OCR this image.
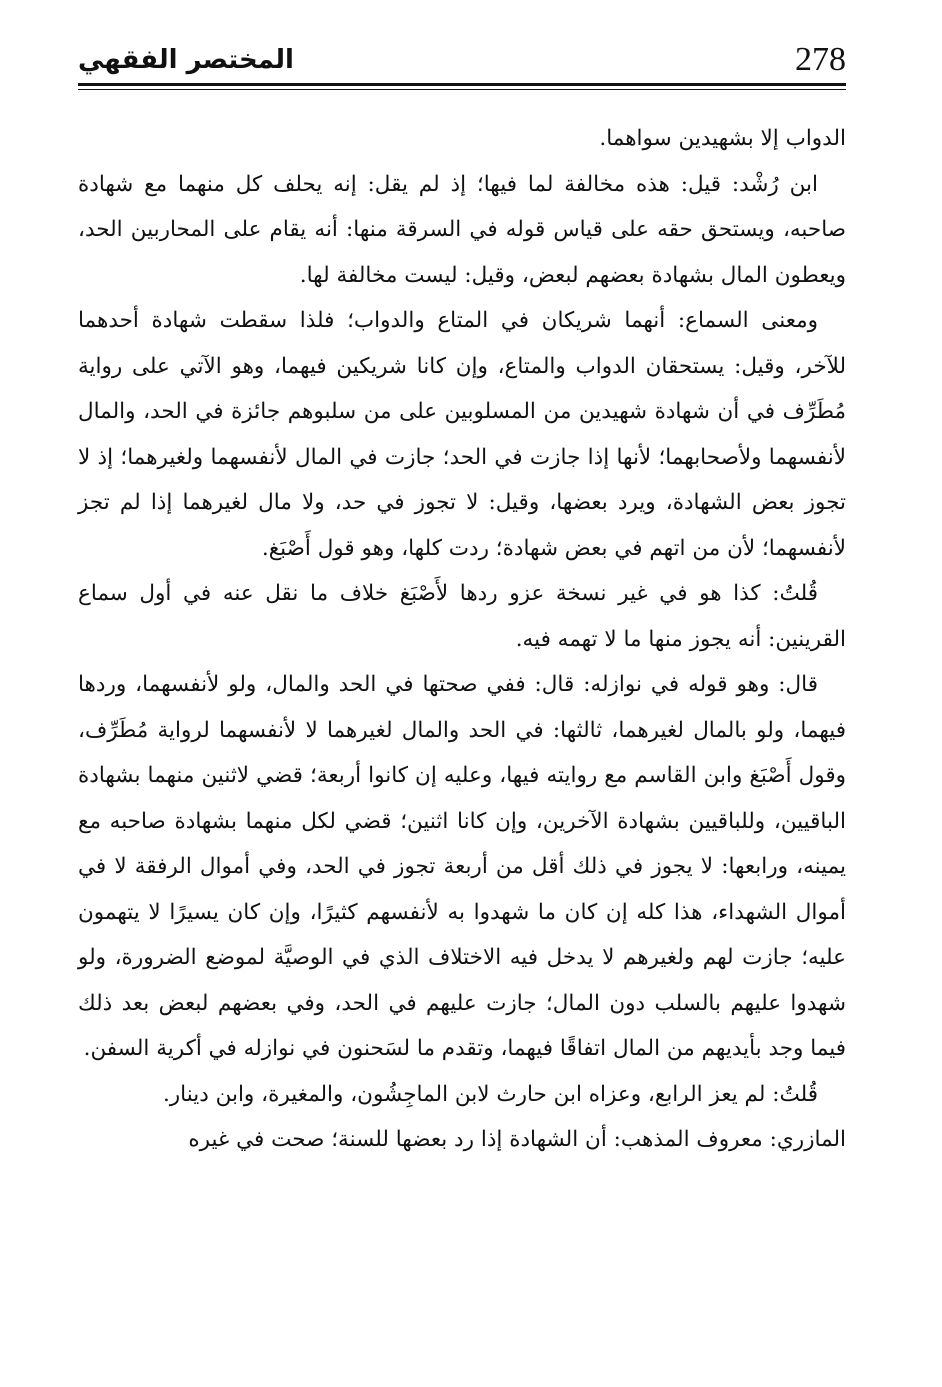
278
المختصر الفقهي

الدواب إلا بشهيدين سواهما.

ابن رُشْد: قيل: هذه مخالفة لما فيها؛ إذ لم يقل: إنه يحلف كل منهما مع شهادة صاحبه، ويستحق حقه على قياس قوله في السرقة منها: أنه يقام على المحاربين الحد، ويعطون المال بشهادة بعضهم لبعض، وقيل: ليست مخالفة لها.

ومعنى السماع: أنهما شريكان في المتاع والدواب؛ فلذا سقطت شهادة أحدهما للآخر، وقيل: يستحقان الدواب والمتاع، وإن كانا شريكين فيهما، وهو الآتي على رواية مُطَرِّف في أن شهادة شهيدين من المسلوبين على من سلبوهم جائزة في الحد، والمال لأنفسهما ولأصحابهما؛ لأنها إذا جازت في الحد؛ جازت في المال لأنفسهما ولغيرهما؛ إذ لا تجوز بعض الشهادة، ويرد بعضها، وقيل: لا تجوز في حد، ولا مال لغيرهما إذا لم تجز لأنفسهما؛ لأن من اتهم في بعض شهادة؛ ردت كلها، وهو قول أَصْبَغ.

قُلتُ: كذا هو في غير نسخة عزو ردها لأَصْبَغ خلاف ما نقل عنه في أول سماع القرينين: أنه يجوز منها ما لا تهمه فيه.

قال: وهو قوله في نوازله: قال: ففي صحتها في الحد والمال، ولو لأنفسهما، وردها فيهما، ولو بالمال لغيرهما، ثالثها: في الحد والمال لغيرهما لا لأنفسهما لرواية مُطَرِّف، وقول أَصْبَغ وابن القاسم مع روايته فيها، وعليه إن كانوا أربعة؛ قضي لاثنين منهما بشهادة الباقيين، وللباقيين بشهادة الآخرين، وإن كانا اثنين؛ قضي لكل منهما بشهادة صاحبه مع يمينه، ورابعها: لا يجوز في ذلك أقل من أربعة تجوز في الحد، وفي أموال الرفقة لا في أموال الشهداء، هذا كله إن كان ما شهدوا به لأنفسهم كثيرًا، وإن كان يسيرًا لا يتهمون عليه؛ جازت لهم ولغيرهم لا يدخل فيه الاختلاف الذي في الوصيَّة لموضع الضرورة، ولو شهدوا عليهم بالسلب دون المال؛ جازت عليهم في الحد، وفي بعضهم لبعض بعد ذلك فيما وجد بأيديهم من المال اتفاقًا فيهما، وتقدم ما لسَحنون في نوازله في أكرية السفن.

قُلتُ: لم يعز الرابع، وعزاه ابن حارث لابن الماجِشُون، والمغيرة، وابن دينار.

المازري: معروف المذهب: أن الشهادة إذا رد بعضها للسنة؛ صحت في غيره
